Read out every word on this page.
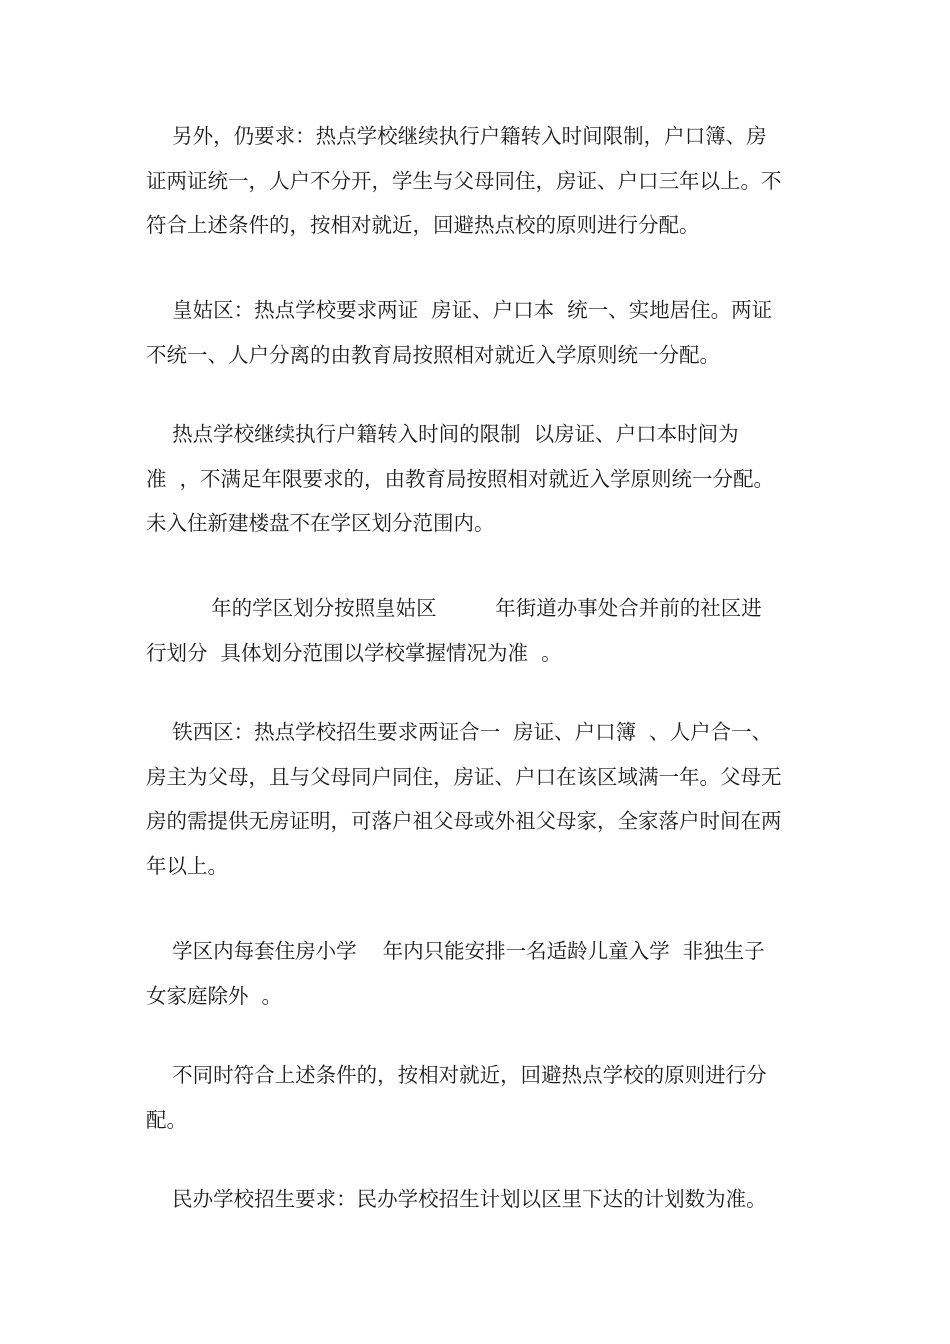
另外，仍要求：热点学校继续执行户籍转入时间限制，户口簿、房
证两证统一，人户不分开，学生与父母同住，房证、户口三年以上。不
符合上述条件的，按相对就近，回避热点校的原则进行分配。
皇姑区：热点学校要求两证  房证、户口本  统一、实地居住。两证
不统一、人户分离的由教育局按照相对就近入学原则统一分配。
热点学校继续执行户籍转入时间的限制  以房证、户口本时间为
准  ，不满足年限要求的，由教育局按照相对就近入学原则统一分配。
未入住新建楼盘不在学区划分范围内。
年的学区划分按照皇姑区         年街道办事处合并前的社区进
行划分  具体划分范围以学校掌握情况为准  。
铁西区：热点学校招生要求两证合一  房证、户口簿  、人户合一、
房主为父母，且与父母同户同住，房证、户口在该区域满一年。父母无
房的需提供无房证明，可落户祖父母或外祖父母家，全家落户时间在两
年以上。
学区内每套住房小学    年内只能安排一名适龄儿童入学  非独生子
女家庭除外  。
不同时符合上述条件的，按相对就近，回避热点学校的原则进行分
配。
民办学校招生要求：民办学校招生计划以区里下达的计划数为准。
